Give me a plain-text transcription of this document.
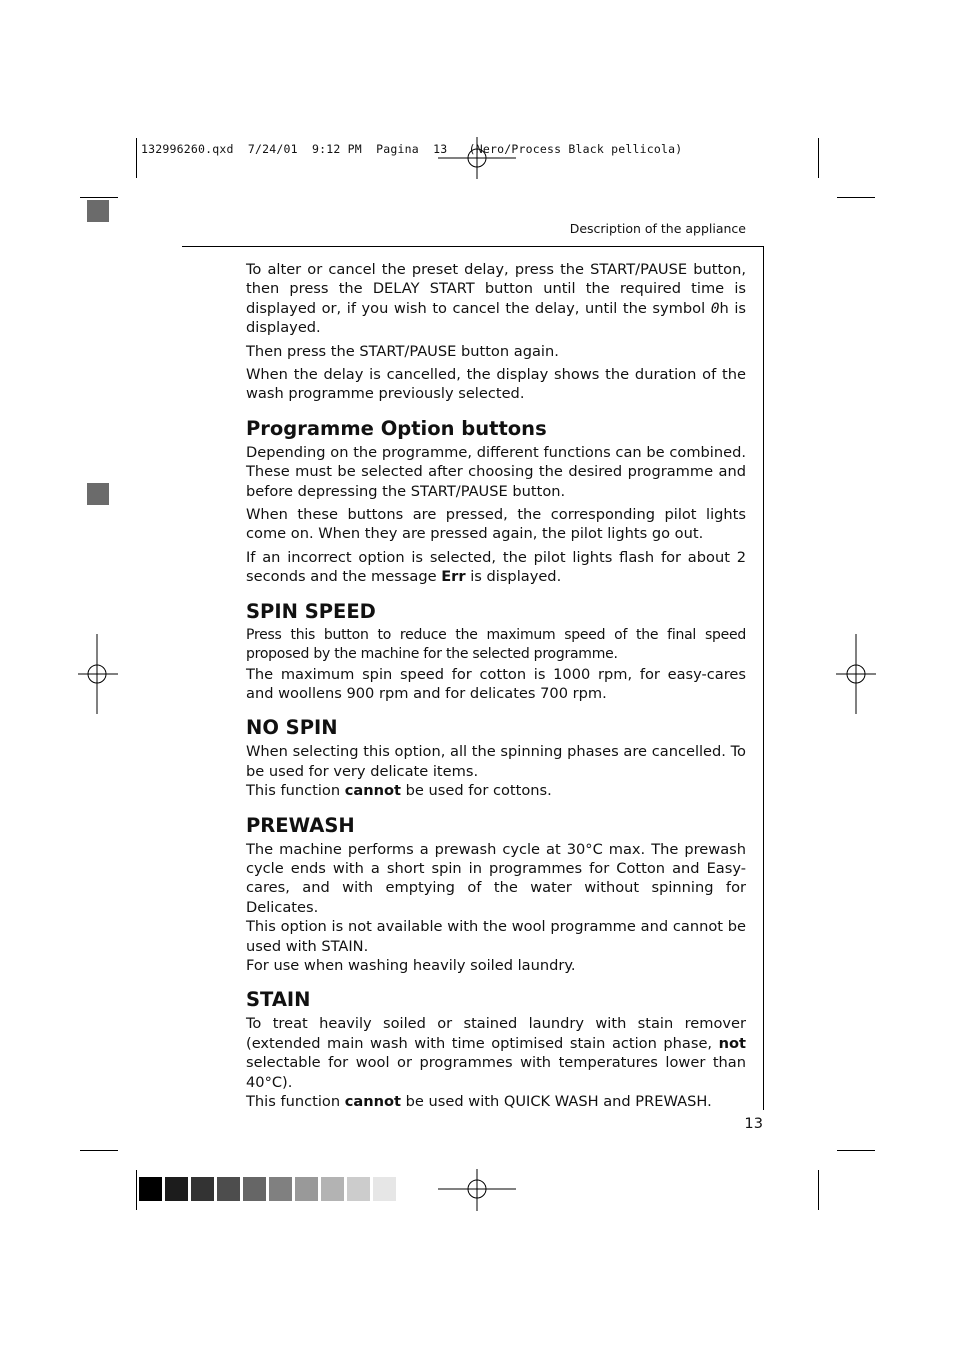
132996260.qxd  7/24/01  9:12 PM  Pagina  13   (Nero/Process Black pellicola)
Description of the appliance

To alter or cancel the preset delay, press the START/PAUSE button, then press the DELAY START button until the required time is displayed or, if you wish to cancel the delay, until the symbol 0h is displayed.

Then press the START/PAUSE button again.

When the delay is cancelled, the display shows the duration of the wash programme previously selected.

Programme Option buttons

Depending on the programme, different functions can be combined. These must be selected after choosing the desired programme and before depressing the START/PAUSE button.

When these buttons are pressed, the corresponding pilot lights come on. When they are pressed again, the pilot lights go out.

If an incorrect option is selected, the pilot lights flash for about 2 seconds and the message Err is displayed.

SPIN SPEED

Press this button to reduce the maximum speed of the final speed proposed by the machine for the selected programme.

The maximum spin speed for cotton is 1000 rpm, for easy-cares and woollens 900 rpm and for delicates 700 rpm.

NO SPIN

When selecting this option, all the spinning phases are cancelled. To be used for very delicate items.

This function cannot be used for cottons.

PREWASH

The machine performs a prewash cycle at 30°C max. The prewash cycle ends with a short spin in programmes for Cotton and Easy-cares, and with emptying of the water without spinning for Delicates.

This option is not available with the wool programme and cannot be used with STAIN.

For use when washing heavily soiled laundry.

STAIN

To treat heavily soiled or stained laundry with stain remover (extended main wash with time optimised stain action phase, not selectable for wool or programmes with temperatures lower than 40°C).

This function cannot be used with QUICK WASH and PREWASH.

13
